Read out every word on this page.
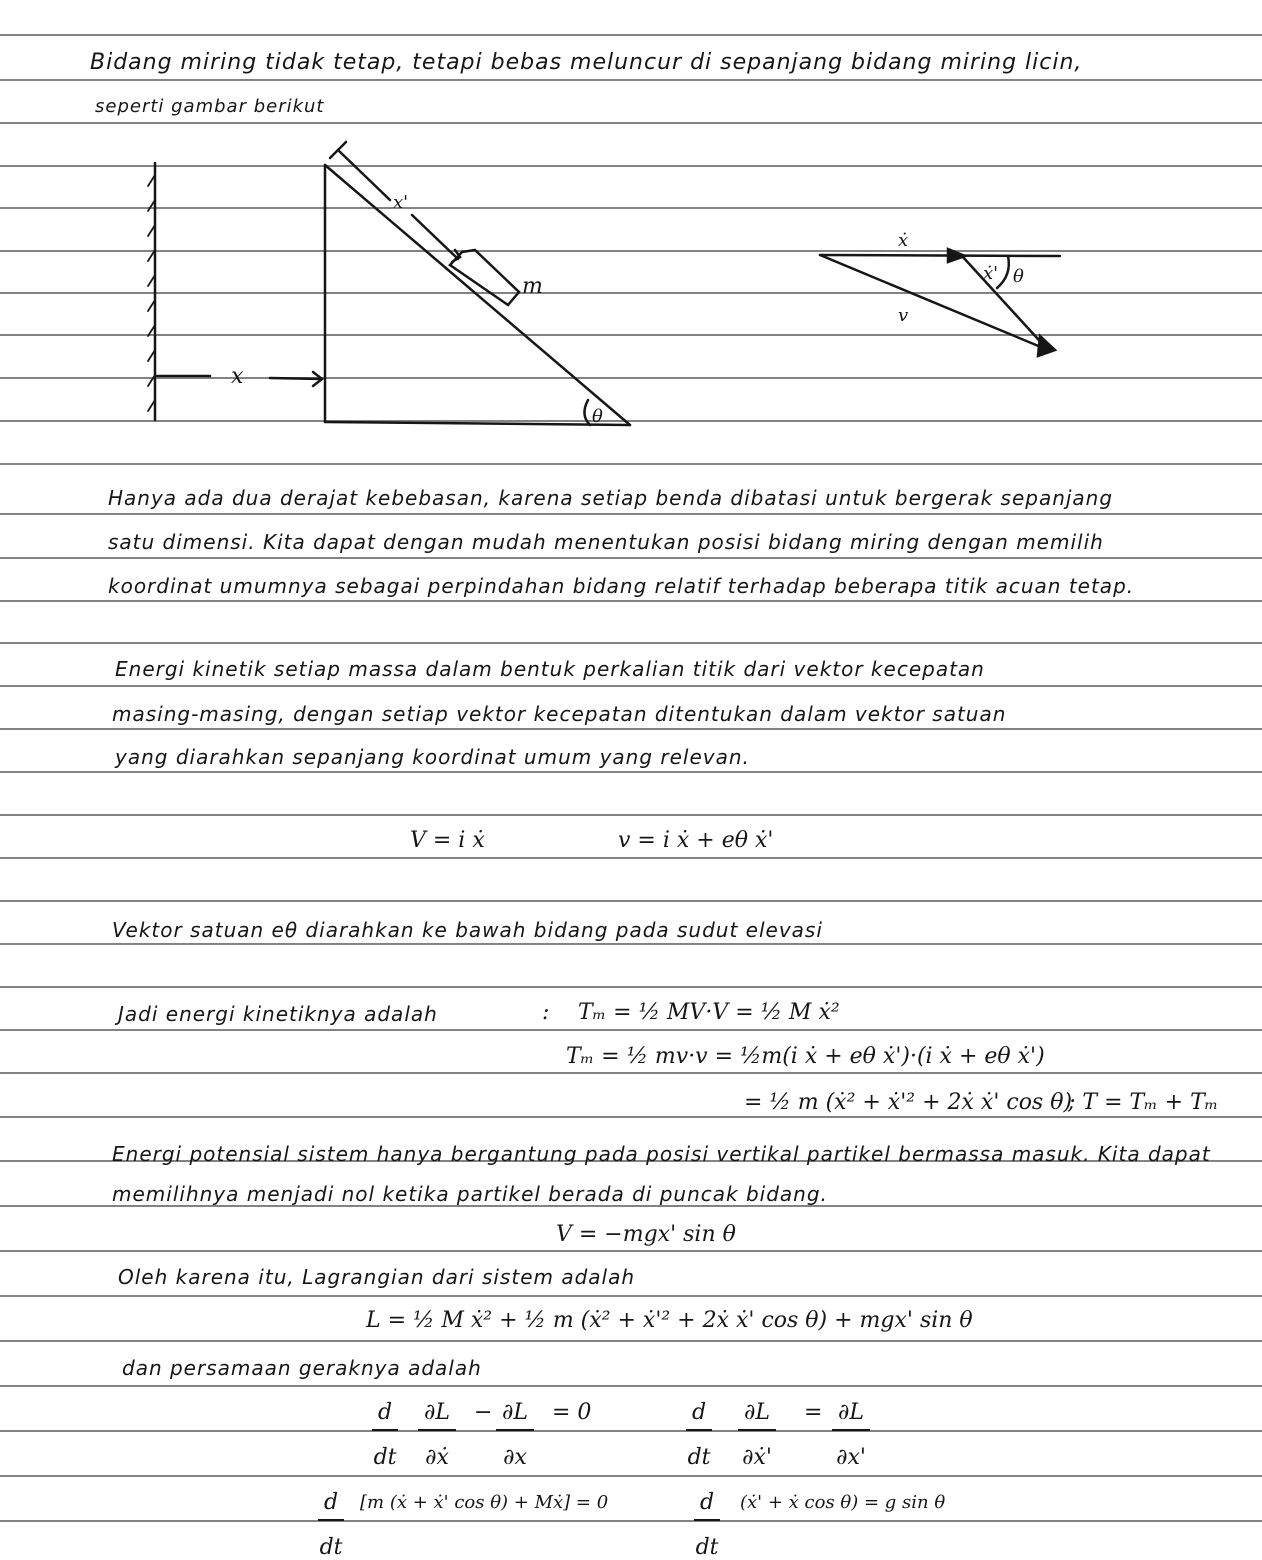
Bidang miring tidak tetap, tetapi bebas meluncur di sepanjang bidang miring licin,
seperti gambar berikut
x'
m
x
θ
ẋ
ẋ' θ
v
Hanya ada dua derajat kebebasan, karena setiap benda dibatasi untuk bergerak sepanjang
satu dimensi. Kita dapat dengan mudah menentukan posisi bidang miring dengan memilih
koordinat umumnya sebagai perpindahan bidang relatif terhadap beberapa titik acuan tetap.
Energi kinetik setiap massa dalam bentuk perkalian titik dari vektor kecepatan
masing-masing, dengan setiap vektor kecepatan ditentukan dalam vektor satuan
yang diarahkan sepanjang koordinat umum yang relevan.
V = i ẋ	v = i ẋ + eθ ẋ'
Vektor satuan eθ diarahkan ke bawah bidang pada sudut elevasi
Jadi energi kinetiknya adalah	: Tₘ = ½ MV·V = ½ M ẋ²
Tₘ = ½ mv·v = ½m(i ẋ + eθ ẋ')·(i ẋ + eθ ẋ')
= ½ m (ẋ² + ẋ'² + 2ẋ ẋ' cos θ)
; T = Tₘ + Tₘ
Energi potensial sistem hanya bergantung pada posisi vertikal partikel bermassa masuk. Kita dapat
memilihnya menjadi nol ketika partikel berada di puncak bidang.
V = −mgx' sin θ
Oleh karena itu, Lagrangian dari sistem adalah
L = ½ M ẋ² + ½ m (ẋ² + ẋ'² + 2ẋ ẋ' cos θ) + mgx' sin θ
dan persamaan geraknya adalah
$\frac{d}{dt} \frac{\partial L}{\text{∂ẋ}} - \frac{\partial L}{\partial x} = 0$	$\frac{d}{dt} \frac{\partial L}{\text{∂ẋ'}} = \frac{\partial L}{\partial x'}$
$\frac{d}{dt} [m$ (ẋ + ẋ' cos θ) + Mẋ] = 0	$\frac{d}{dt}$ (ẋ' + ẋ cos θ) = g sin θ
